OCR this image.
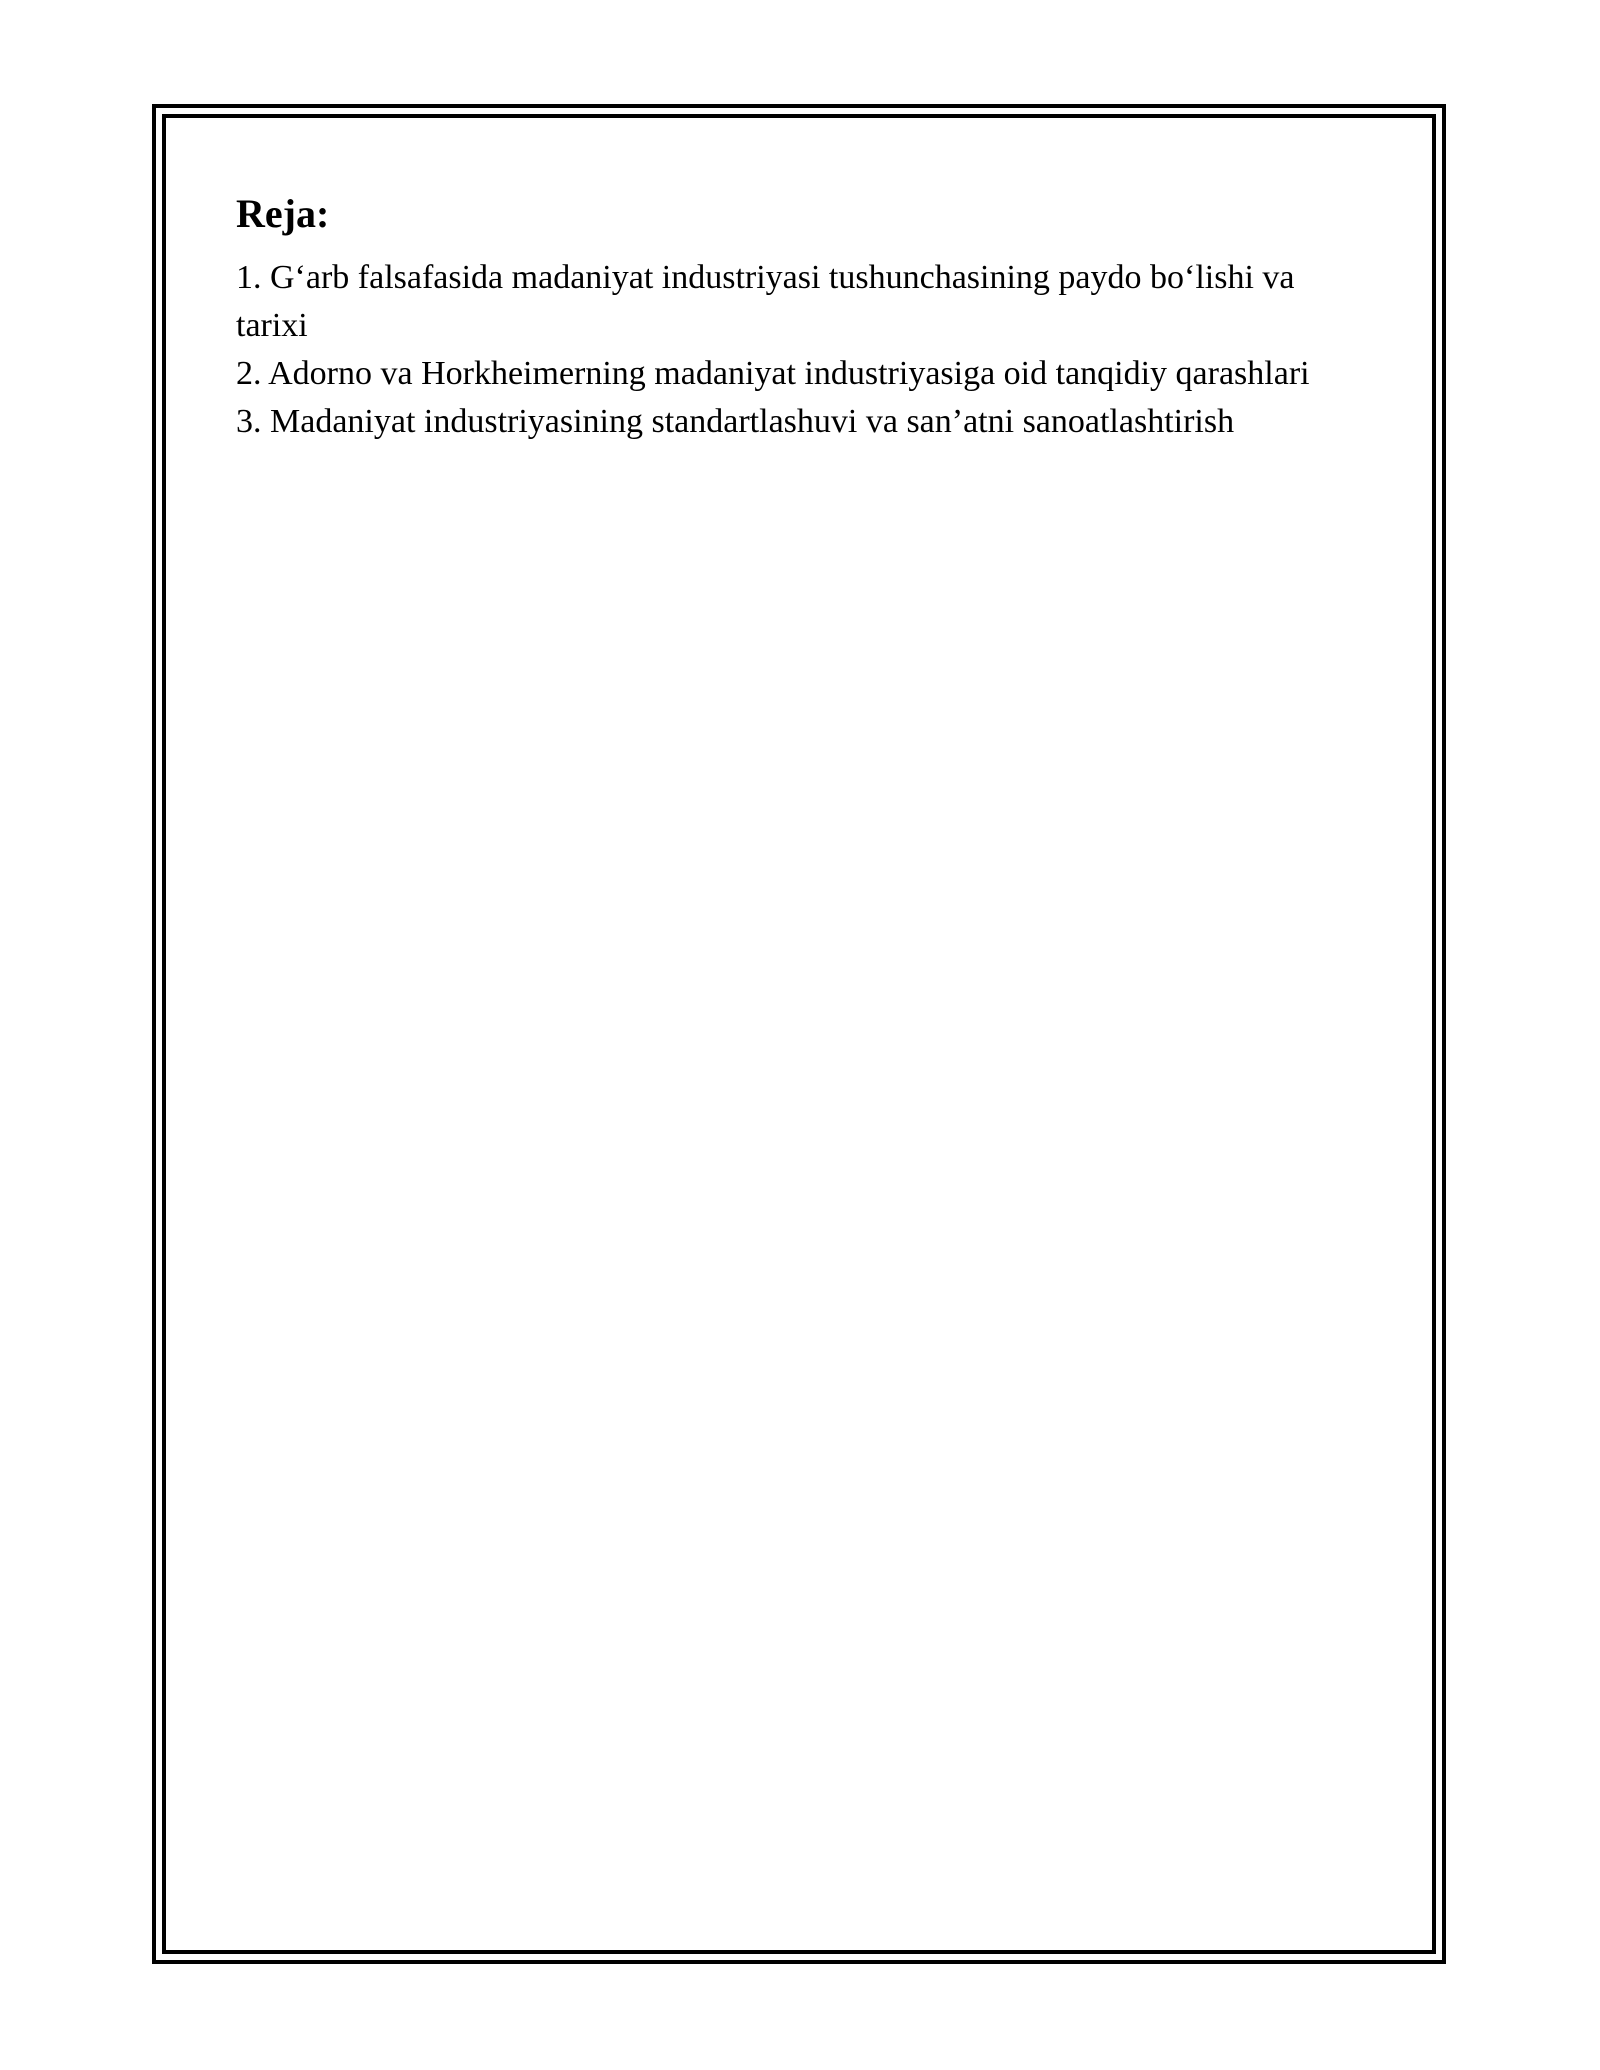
Reja:
1. G‘arb falsafasida madaniyat industriyasi tushunchasining paydo bo‘lishi va tarixi
2. Adorno va Horkheimerning madaniyat industriyasiga oid tanqidiy qarashlari
3. Madaniyat industriyasining standartlashuvi va san’atni sanoatlashtirish
